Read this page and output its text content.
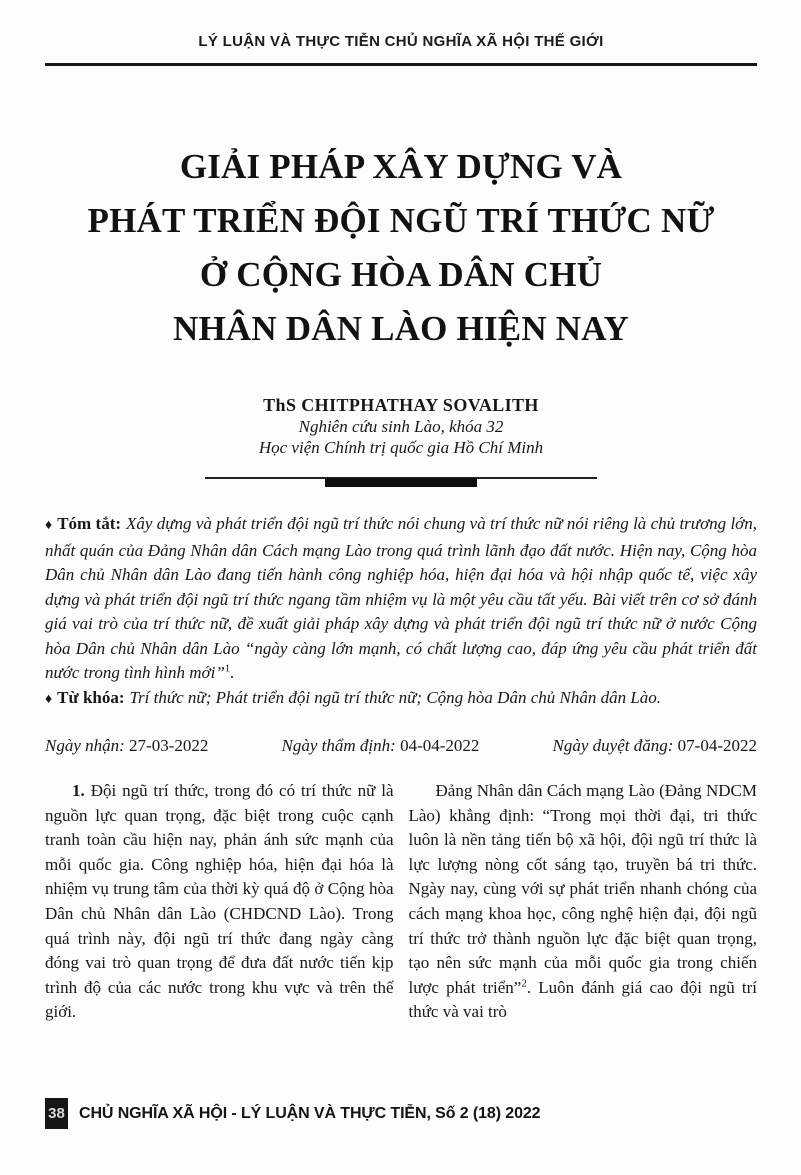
LÝ LUẬN VÀ THỰC TIỄN CHỦ NGHĨA XÃ HỘI THẾ GIỚI
GIẢI PHÁP XÂY DỰNG VÀ
PHÁT TRIỂN ĐỘI NGŨ TRÍ THỨC NỮ
Ở CỘNG HÒA DÂN CHỦ
NHÂN DÂN LÀO HIỆN NAY
ThS CHITPHATHAY SOVALITH
Nghiên cứu sinh Lào, khóa 32
Học viện Chính trị quốc gia Hồ Chí Minh

♦ Tóm tắt: Xây dựng và phát triển đội ngũ trí thức nói chung và trí thức nữ nói riêng là chủ trương lớn, nhất quán của Đảng Nhân dân Cách mạng Lào trong quá trình lãnh đạo đất nước. Hiện nay, Cộng hòa Dân chủ Nhân dân Lào đang tiến hành công nghiệp hóa, hiện đại hóa và hội nhập quốc tế, việc xây dựng và phát triển đội ngũ trí thức ngang tầm nhiệm vụ là một yêu cầu tất yếu. Bài viết trên cơ sở đánh giá vai trò của trí thức nữ, đề xuất giải pháp xây dựng và phát triển đội ngũ trí thức nữ ở nước Cộng hòa Dân chủ Nhân dân Lào “ngày càng lớn mạnh, có chất lượng cao, đáp ứng yêu cầu phát triển đất nước trong tình hình mới”$^1$.

♦ Từ khóa: Trí thức nữ; Phát triển đội ngũ trí thức nữ; Cộng hòa Dân chủ Nhân dân Lào.

Ngày nhận: 27-03-2022	Ngày thẩm định: 04-04-2022	Ngày duyệt đăng: 07-04-2022

1. Đội ngũ trí thức, trong đó có trí thức nữ là nguồn lực quan trọng, đặc biệt trong cuộc cạnh tranh toàn cầu hiện nay, phản ánh sức mạnh của mỗi quốc gia. Công nghiệp hóa, hiện đại hóa là nhiệm vụ trung tâm của thời kỳ quá độ ở Cộng hòa Dân chủ Nhân dân Lào (CHDCND Lào). Trong quá trình này, đội ngũ trí thức đang ngày càng đóng vai trò quan trọng để đưa đất nước tiến kịp trình độ của các nước trong khu vực và trên thế giới.

Đảng Nhân dân Cách mạng Lào (Đảng NDCM Lào) khẳng định: “Trong mọi thời đại, tri thức luôn là nền tảng tiến bộ xã hội, đội ngũ trí thức là lực lượng nòng cốt sáng tạo, truyền bá tri thức. Ngày nay, cùng với sự phát triển nhanh chóng của cách mạng khoa học, công nghệ hiện đại, đội ngũ trí thức trở thành nguồn lực đặc biệt quan trọng, tạo nên sức mạnh của mỗi quốc gia trong chiến lược phát triển”$^2$. Luôn đánh giá cao đội ngũ trí thức và vai trò

38 CHỦ NGHĨA XÃ HỘI - LÝ LUẬN VÀ THỰC TIỄN, Số 2 (18) 2022
